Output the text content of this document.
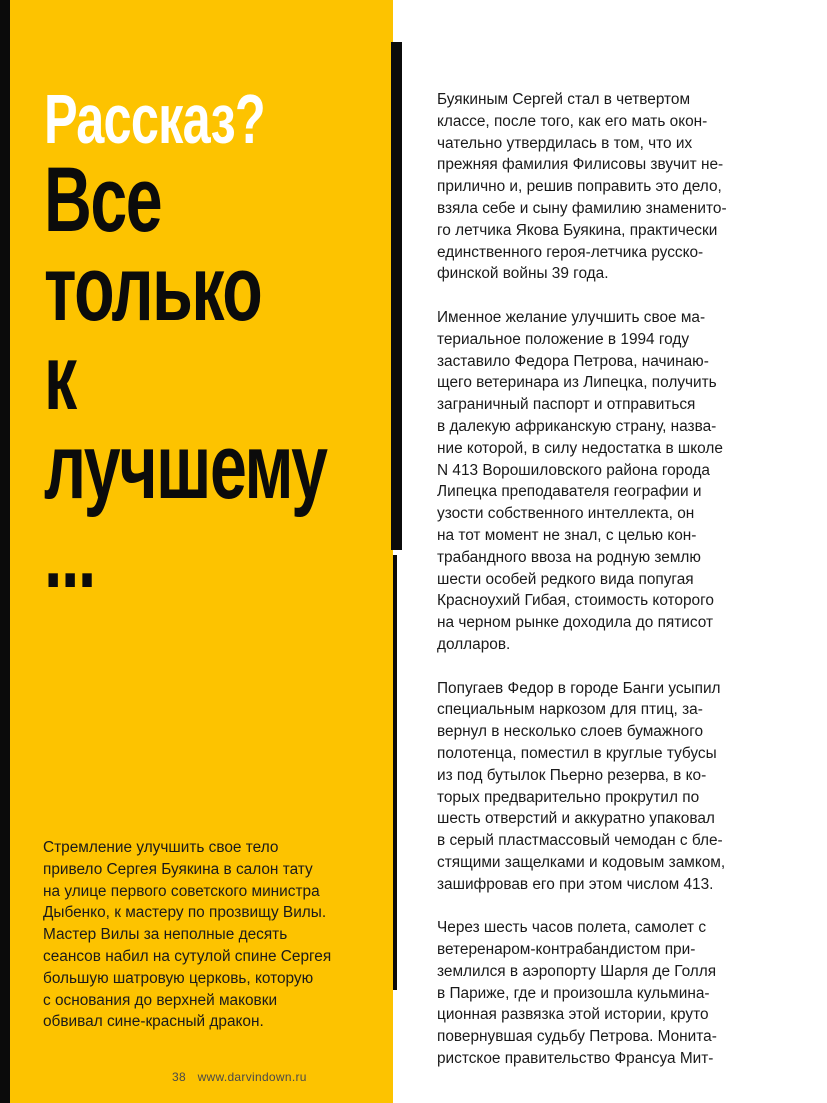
Рассказ?
Все
только
к
лучшему
...
Стремление улучшить свое тело
привело Сергея Буякина в салон тату
на улице первого советского министра
Дыбенко, к мастеру по прозвищу Вилы.
Мастер Вилы за неполные десять
сеансов набил на сутулой спине Сергея
большую шатровую церковь, которую
с основания до верхней маковки
обвивал сине-красный дракон.
38 www.darvindown.ru

Буякиным Сергей стал в четвертом
классе, после того, как его мать окон-
чательно утвердилась в том, что их
прежняя фамилия Филисовы звучит не-
прилично и, решив поправить это дело,
взяла себе и сыну фамилию знаменито-
го летчика Якова Буякина, практически
единственного героя-летчика русско-
финской войны 39 года.

Именное желание улучшить свое ма-
териальное положение в 1994 году
заставило Федора Петрова, начинаю-
щего ветеринара из Липецка, получить
заграничный паспорт и отправиться
в далекую африканскую страну, назва-
ние которой, в силу недостатка в школе
N 413 Ворошиловского района города
Липецка преподавателя географии и
узости собственного интеллекта, он
на тот момент не знал, с целью кон-
трабандного ввоза на родную землю
шести особей редкого вида попугая
Красноухий Гибая, стоимость которого
на черном рынке доходила до пятисот
долларов.

Попугаев Федор в городе Банги усыпил
специальным наркозом для птиц, за-
вернул в несколько слоев бумажного
полотенца, поместил в круглые тубусы
из под бутылок Пьерно резерва, в ко-
торых предварительно прокрутил по
шесть отверстий и аккуратно упаковал
в серый пластмассовый чемодан с бле-
стящими защелками и кодовым замком,
зашифровав его при этом числом 413.

Через шесть часов полета, самолет с
ветеренаром-контрабандистом при-
землился в аэропорту Шарля де Голля
в Париже, где и произошла кульмина-
ционная развязка этой истории, круто
повернувшая судьбу Петрова. Монита-
ристское правительство Франсуа Мит-
